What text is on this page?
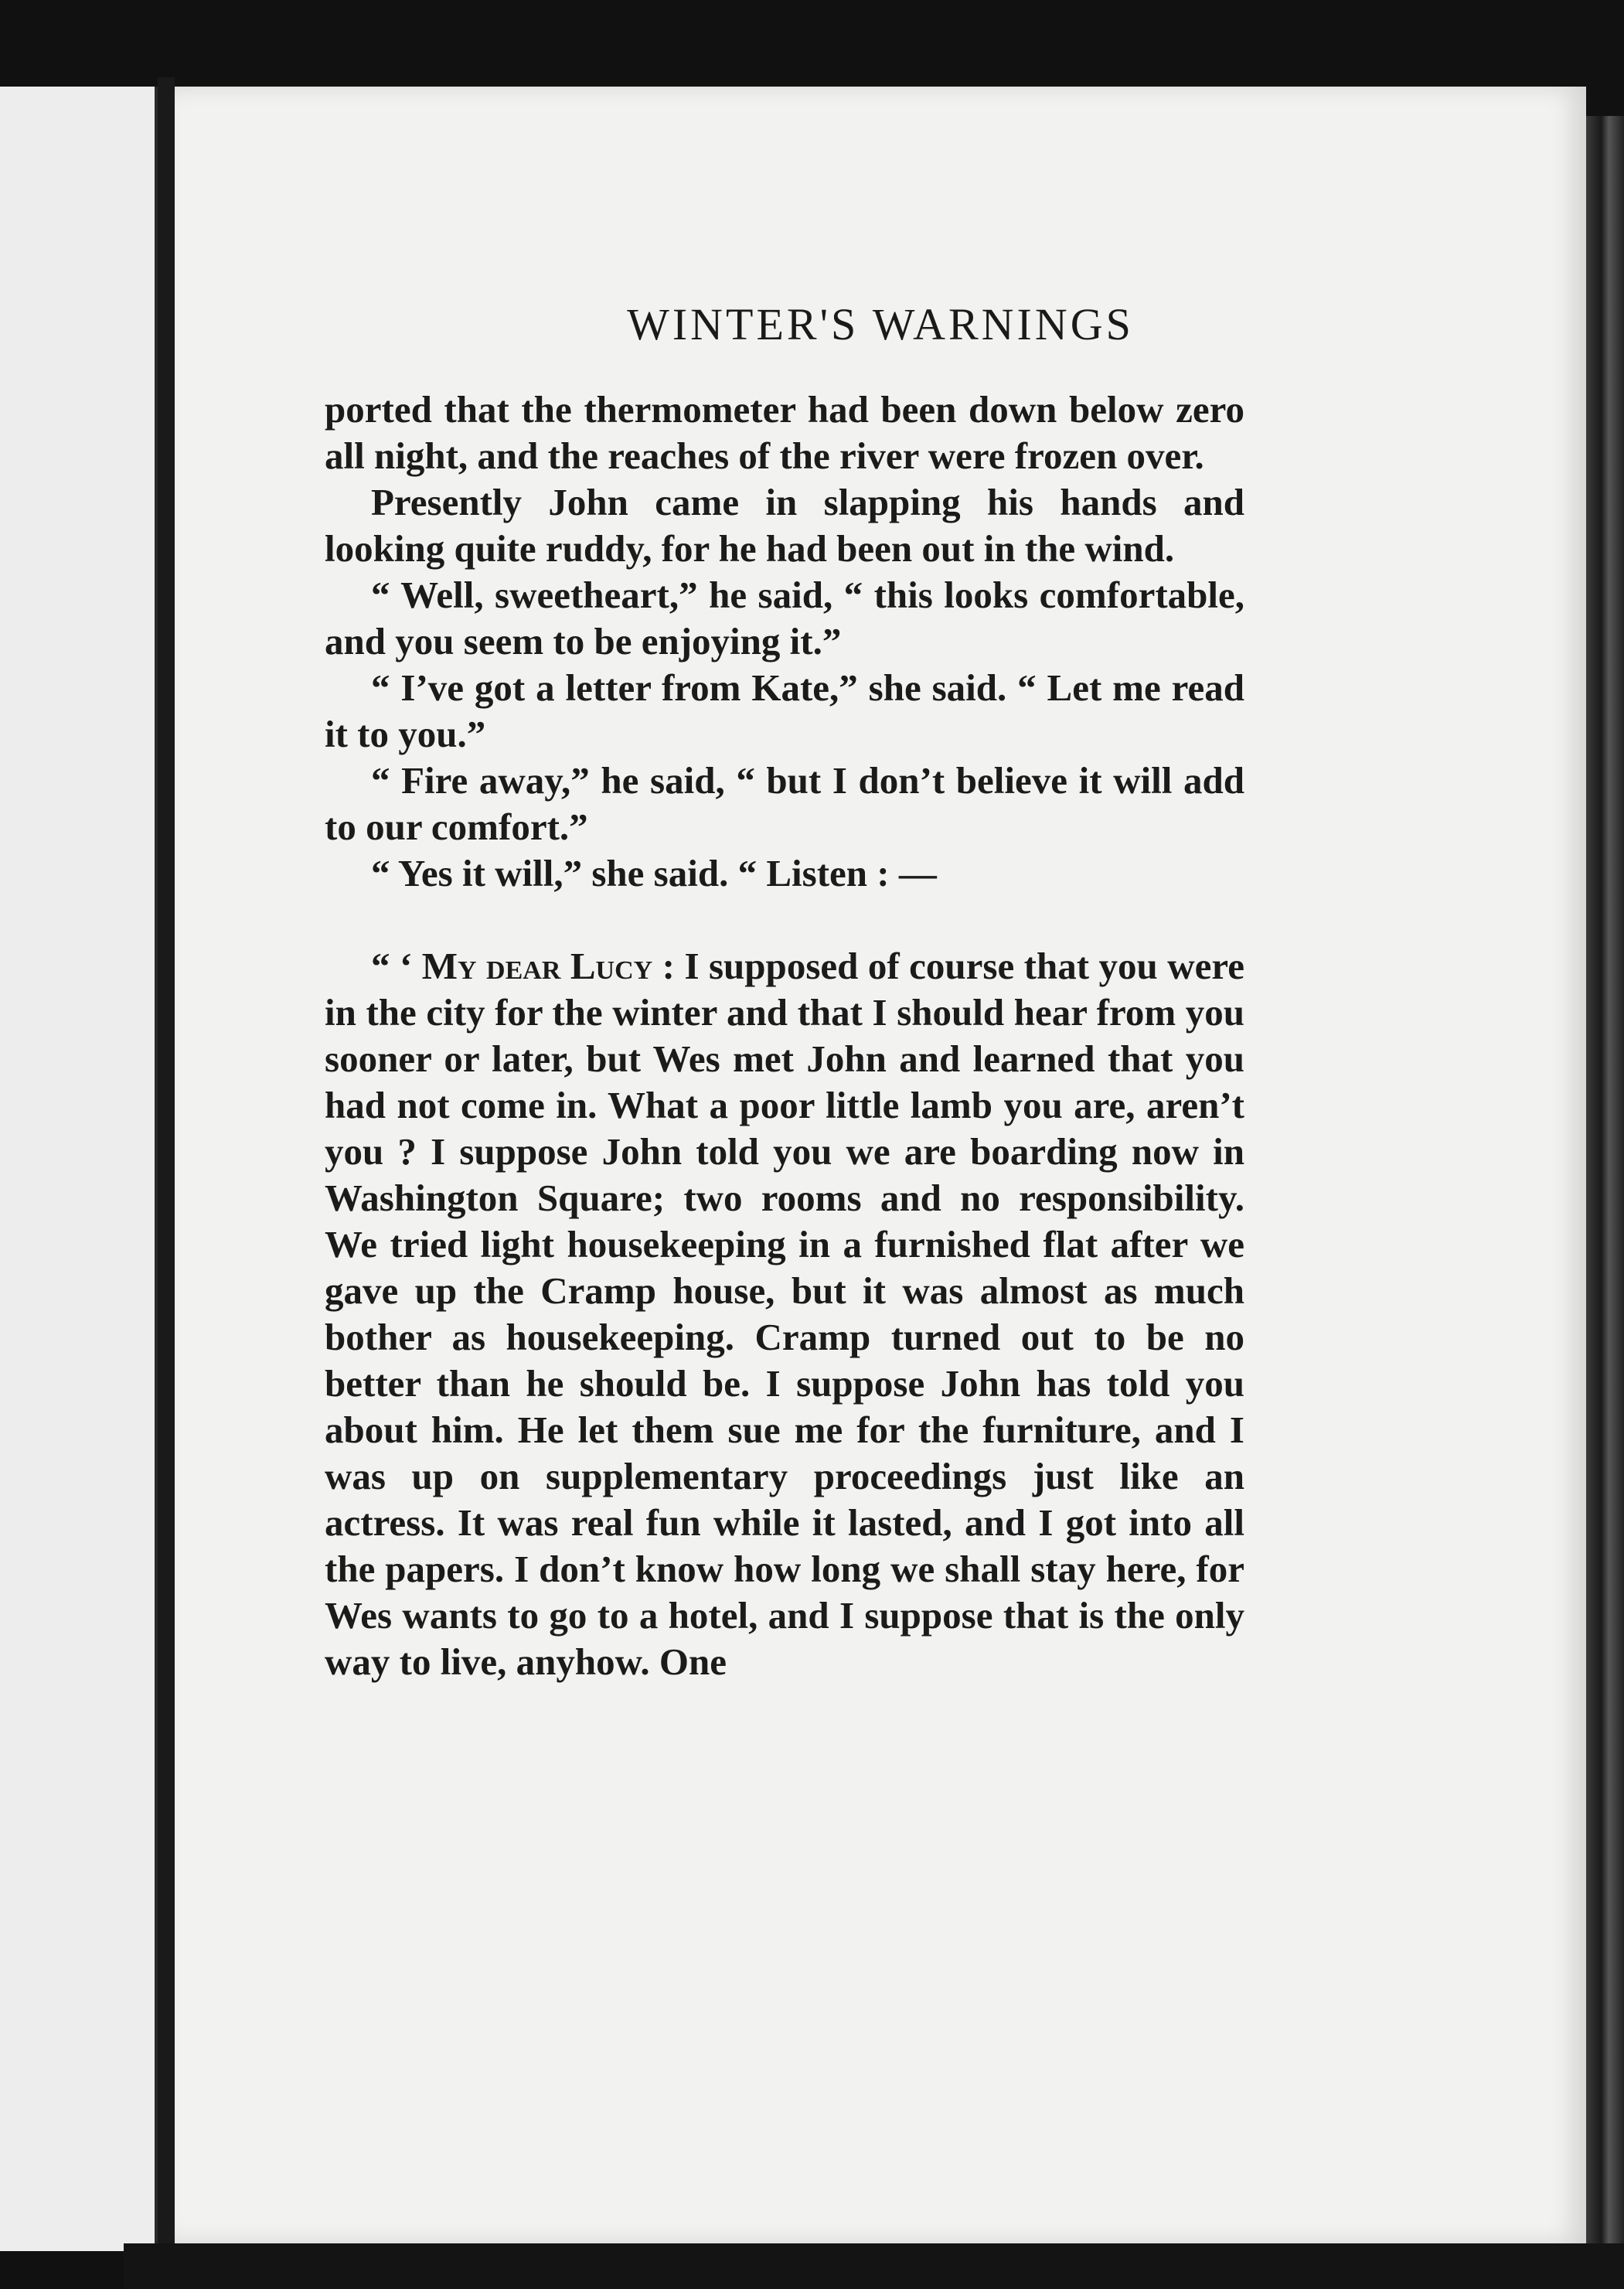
WINTER'S WARNINGS

ported that the thermometer had been down below zero all night, and the reaches of the river were frozen over.

Presently John came in slapping his hands and looking quite ruddy, for he had been out in the wind.

“ Well, sweetheart,” he said, “ this looks comfortable, and you seem to be enjoying it.”

“ I’ve got a letter from Kate,” she said. “ Let me read it to you.”

“ Fire away,” he said, “ but I don’t believe it will add to our comfort.”

“ Yes it will,” she said. “ Listen : —

“ ‘ My dear Lucy : I supposed of course that you were in the city for the winter and that I should hear from you sooner or later, but Wes met John and learned that you had not come in. What a poor little lamb you are, aren’t you ? I suppose John told you we are boarding now in Washington Square; two rooms and no responsibility. We tried light housekeeping in a furnished flat after we gave up the Cramp house, but it was almost as much bother as housekeeping. Cramp turned out to be no better than he should be. I suppose John has told you about him. He let them sue me for the furniture, and I was up on supplementary proceedings just like an actress. It was real fun while it lasted, and I got into all the papers. I don’t know how long we shall stay here, for Wes wants to go to a hotel, and I suppose that is the only way to live, anyhow. One
